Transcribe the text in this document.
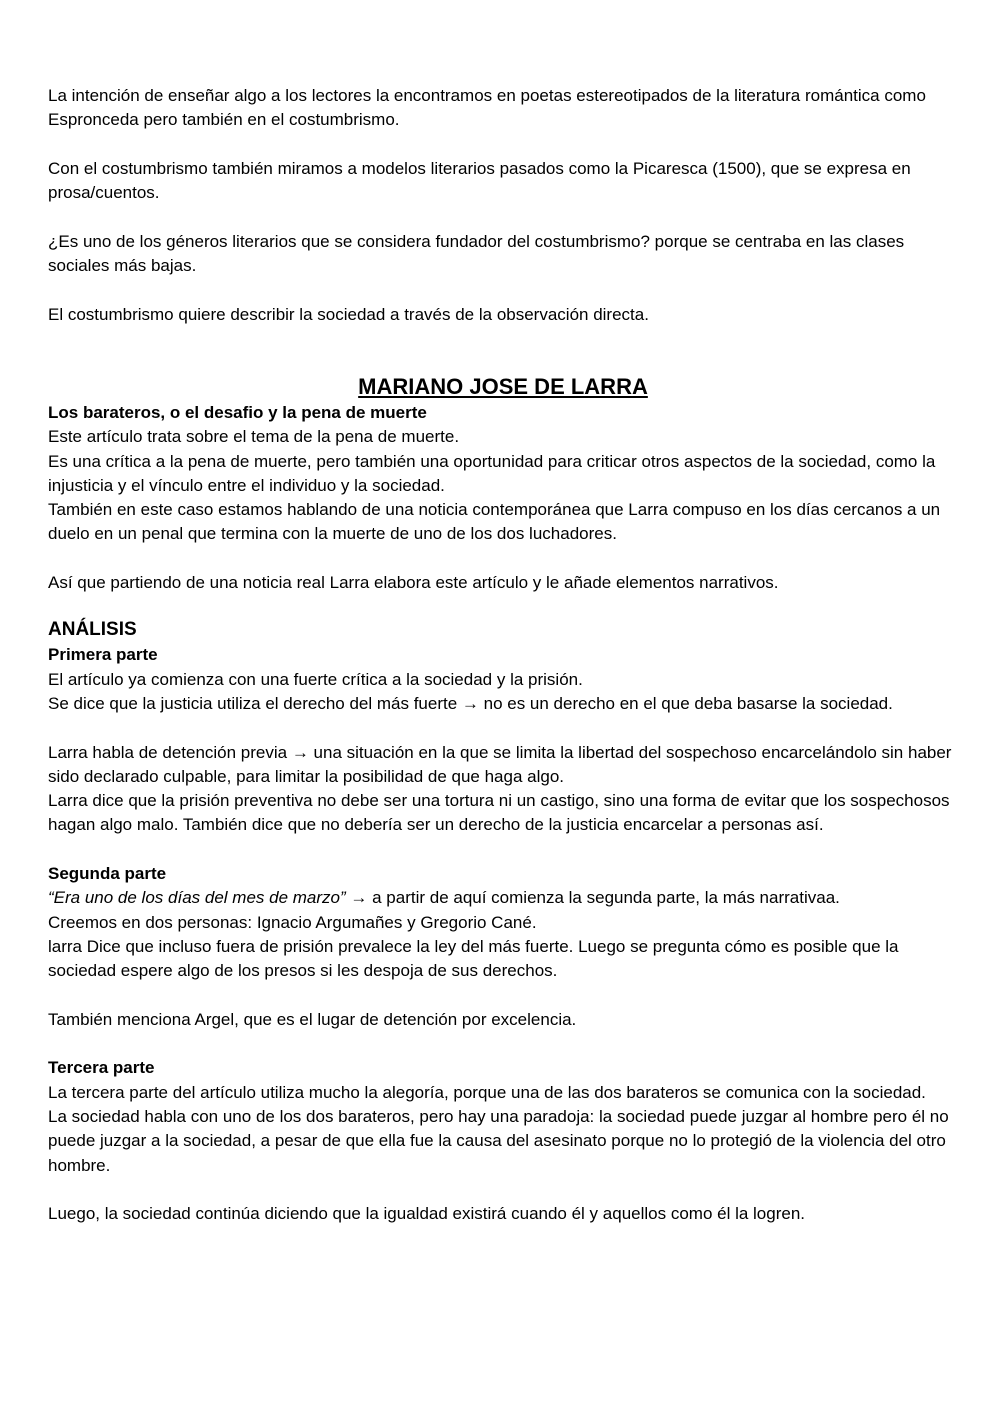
La intención de enseñar algo a los lectores la encontramos en poetas estereotipados de la literatura romántica como Espronceda pero también en el costumbrismo.

Con el costumbrismo también miramos a modelos literarios pasados como la Picaresca (1500), que se expresa en prosa/cuentos.

¿Es uno de los géneros literarios que se considera fundador del costumbrismo? porque se centraba en las clases sociales más bajas.

El costumbrismo quiere describir la sociedad a través de la observación directa.

MARIANO JOSE DE LARRA

Los barateros, o el desafio y la pena de muerte

Este artículo trata sobre el tema de la pena de muerte.

Es una crítica a la pena de muerte, pero también una oportunidad para criticar otros aspectos de la sociedad, como la injusticia y el vínculo entre el individuo y la sociedad.

También en este caso estamos hablando de una noticia contemporánea que Larra compuso en los días cercanos a un duelo en un penal que termina con la muerte de uno de los dos luchadores.

Así que partiendo de una noticia real Larra elabora este artículo y le añade elementos narrativos.

ANÁLISIS

Primera parte

El artículo ya comienza con una fuerte crítica a la sociedad y la prisión.

Se dice que la justicia utiliza el derecho del más fuerte → no es un derecho en el que deba basarse la sociedad.

Larra habla de detención previa → una situación en la que se limita la libertad del sospechoso encarcelándolo sin haber sido declarado culpable, para limitar la posibilidad de que haga algo.

Larra dice que la prisión preventiva no debe ser una tortura ni un castigo, sino una forma de evitar que los sospechosos hagan algo malo. También dice que no debería ser un derecho de la justicia encarcelar a personas así.

Segunda parte

“Era uno de los días del mes de marzo” → a partir de aquí comienza la segunda parte, la más narrativaa.

Creemos en dos personas: Ignacio Argumañes y Gregorio Cané.

larra Dice que incluso fuera de prisión prevalece la ley del más fuerte. Luego se pregunta cómo es posible que la sociedad espere algo de los presos si les despoja de sus derechos.

También menciona Argel, que es el lugar de detención por excelencia.

Tercera parte

La tercera parte del artículo utiliza mucho la alegoría, porque una de las dos barateros se comunica con la sociedad.

La sociedad habla con uno de los dos barateros, pero hay una paradoja: la sociedad puede juzgar al hombre pero él no puede juzgar a la sociedad, a pesar de que ella fue la causa del asesinato porque no lo protegió de la violencia del otro hombre.

Luego, la sociedad continúa diciendo que la igualdad existirá cuando él y aquellos como él la logren.
